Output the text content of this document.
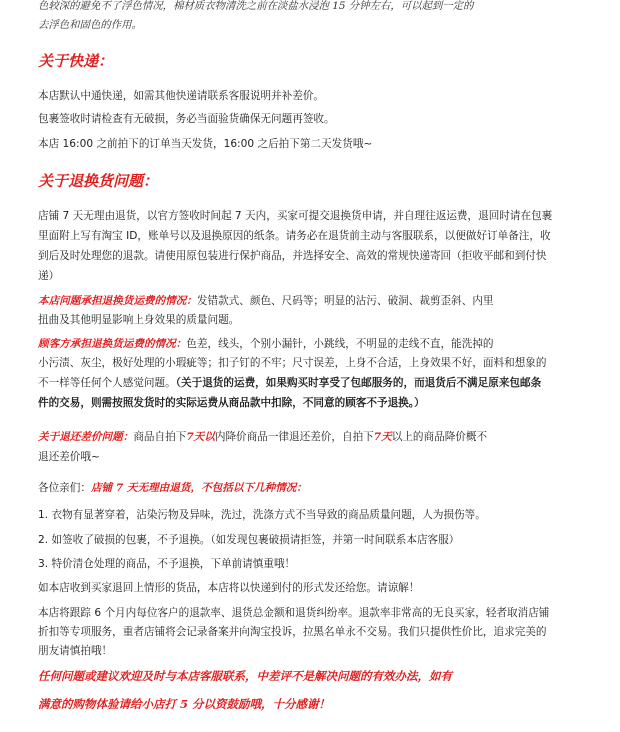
色较深的避免不了浮色情况，棉材质衣物清洗之前在淡盐水浸泡 15 分钟左右，可以起到一定的
去浮色和固色的作用。
关于快递：
本店默认中通快递，如需其他快递请联系客服说明并补差价。
包裹签收时请检查有无破损，务必当面验货确保无问题再签收。
本店 16:00 之前拍下的订单当天发货，16:00 之后拍下第二天发货哦~
关于退换货问题：
店铺 7 天无理由退货，以官方签收时间起 7 天内，买家可提交退换货申请，并自理往返运费，退回时请在包裹
里面附上写有淘宝 ID，账单号以及退换原因的纸条。请务必在退货前主动与客服联系，以便做好订单备注，收
到后及时处理您的退款。请使用原包装进行保护商品，并选择安全、高效的常规快递寄回（拒收平邮和到付快
递）
本店问题承担退换货运费的情况：发错款式、颜色、尺码等；明显的沾污、破洞、裁剪歪斜、内里
扭曲及其他明显影响上身效果的质量问题。
顾客方承担退换货运费的情况：色差，线头，个别小漏针，小跳线，不明显的走线不直，能洗掉的
小污渍、灰尘，极好处理的小瑕疵等；扣子钉的不牢；尺寸误差，上身不合适，上身效果不好，面料和想象的
不一样等任何个人感觉问题。（关于退货的运费，如果购买时享受了包邮服务的，而退货后不满足原来包邮条
件的交易，则需按照发货时的实际运费从商品款中扣除，不同意的顾客不予退换。）
关于退还差价问题：商品自拍下7天以内降价商品一律退还差价，自拍下7天以上的商品降价概不
退还差价哦~
各位亲们：店铺 7 天无理由退货，不包括以下几种情况：
1. 衣物有显著穿着，沾染污物及异味，洗过，洗涤方式不当导致的商品质量问题，人为损伤等。
2. 如签收了破损的包裹，不予退换。（如发现包裹破损请拒签，并第一时间联系本店客服）
3. 特价清仓处理的商品，不予退换，下单前请慎重哦！
如本店收到买家退回上情形的货品，本店将以快递到付的形式发还给您。请谅解！
本店将跟踪 6 个月内每位客户的退款率、退货总金额和退货纠纷率。退款率非常高的无良买家，轻者取消店铺
折扣等专项服务，重者店铺将会记录备案并向淘宝投诉，拉黑名单永不交易。我们只提供性价比，追求完美的
朋友请慎拍哦！
任何问题或建议欢迎及时与本店客服联系，中差评不是解决问题的有效办法，如有
满意的购物体验请给小店打 5 分以资鼓励哦，十分感谢！
